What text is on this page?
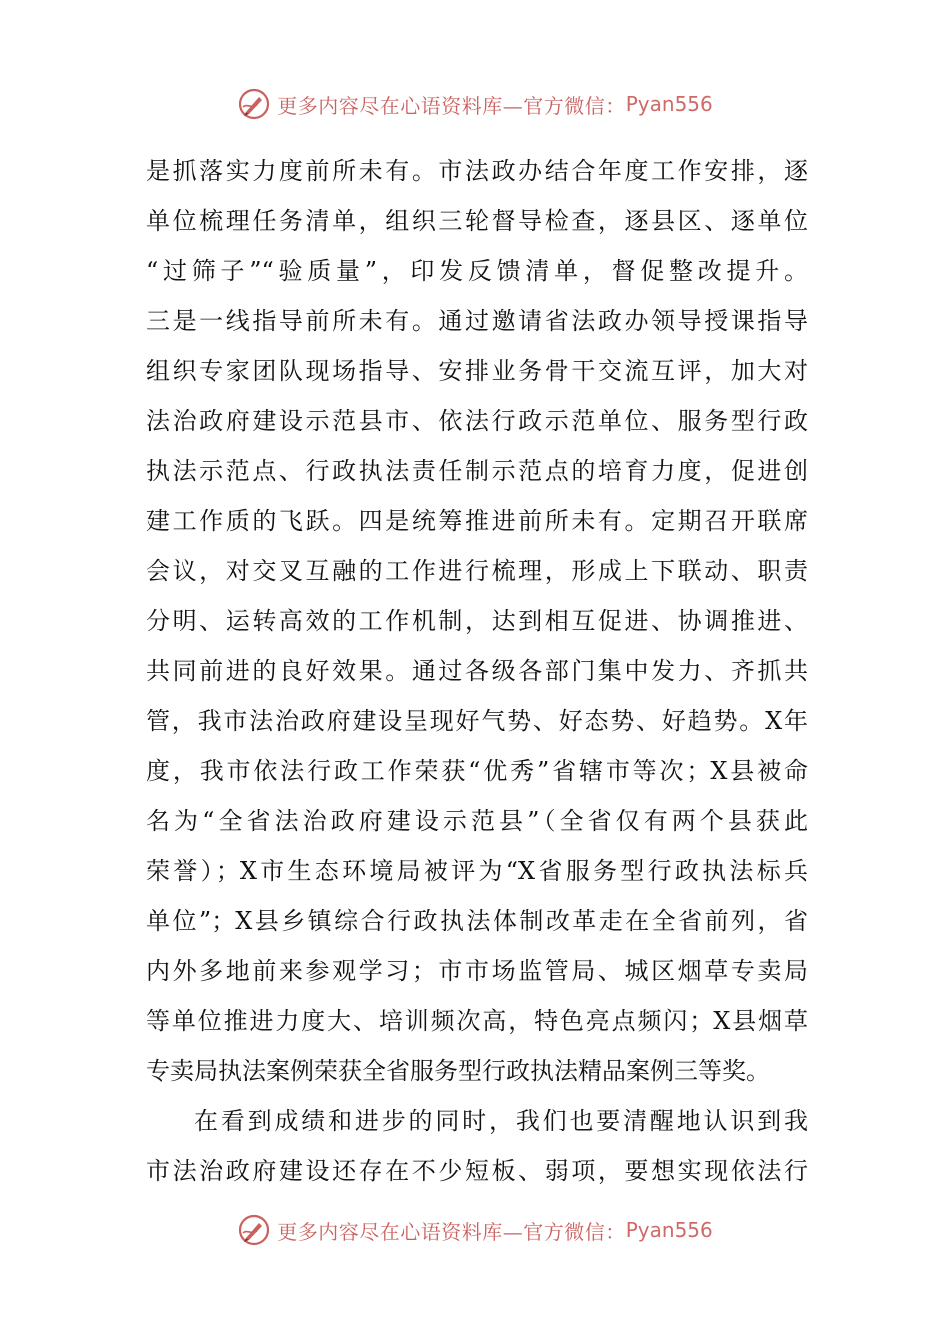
更多内容尽在心语资料库—官方微信： Pyan556
是抓落实力度前所未有。市法政办结合年度工作安排，逐
单位梳理任务清单，组织三轮督导检查，逐县区、逐单位
“过筛子”“验质量”，印发反馈清单，督促整改提升。
三是一线指导前所未有。通过邀请省法政办领导授课指导
组织专家团队现场指导、安排业务骨干交流互评，加大对
法治政府建设示范县市、依法行政示范单位、服务型行政
执法示范点、行政执法责任制示范点的培育力度，促进创
建工作质的飞跃。四是统筹推进前所未有。定期召开联席
会议，对交叉互融的工作进行梳理，形成上下联动、职责
分明、运转高效的工作机制，达到相互促进、协调推进、
共同前进的良好效果。通过各级各部门集中发力、齐抓共
管，我市法治政府建设呈现好气势、好态势、好趋势。X年
度，我市依法行政工作荣获“优秀”省辖市等次；X县被命
名为“全省法治政府建设示范县”（全省仅有两个县获此
荣誉）；X市生态环境局被评为“X省服务型行政执法标兵
单位”；X县乡镇综合行政执法体制改革走在全省前列，省
内外多地前来参观学习；市市场监管局、城区烟草专卖局
等单位推进力度大、培训频次高，特色亮点频闪；X县烟草
专卖局执法案例荣获全省服务型行政执法精品案例三等奖。
在看到成绩和进步的同时，我们也要清醒地认识到我
市法治政府建设还存在不少短板、弱项，要想实现依法行
更多内容尽在心语资料库—官方微信： Pyan556
